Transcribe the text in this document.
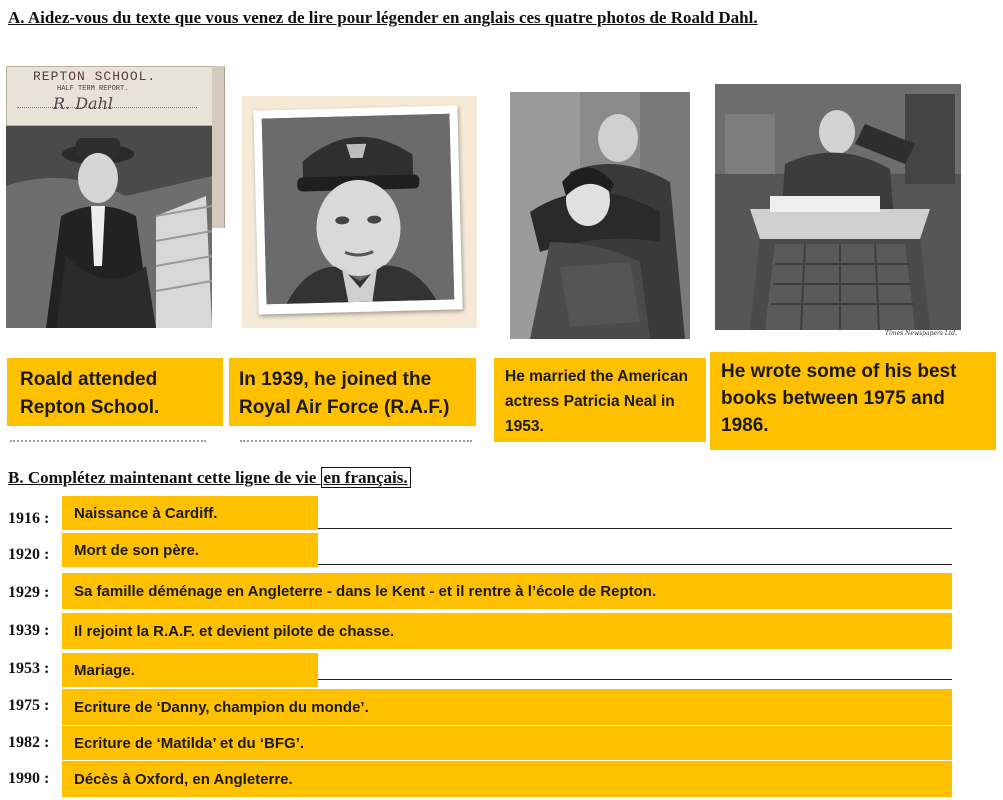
A. Aidez-vous du texte que vous venez de lire pour légender en anglais ces quatre photos de Roald Dahl.
REPTON SCHOOL.
HALF TERM REPORT.
R. Dahl
Times Newspapers Ltd.
Roald attended Repton School.
In 1939, he joined the Royal Air Force (R.A.F.)
He married the American actress Patricia Neal in 1953.
He wrote some of his best books between 1975 and 1986.
B. Complétez maintenant cette ligne de vie en français.
1916 :	Naissance à Cardiff.
1920 :	Mort de son père.
1929 :	Sa famille déménage en Angleterre - dans le Kent - et il rentre à l’école de Repton.
1939 :	Il rejoint la R.A.F. et devient pilote de chasse.
1953 :	Mariage.
1975 :	Ecriture de ‘Danny, champion du monde’.
1982 :	Ecriture de ‘Matilda’ et du ‘BFG’.
1990 :	Décès à Oxford, en Angleterre.
